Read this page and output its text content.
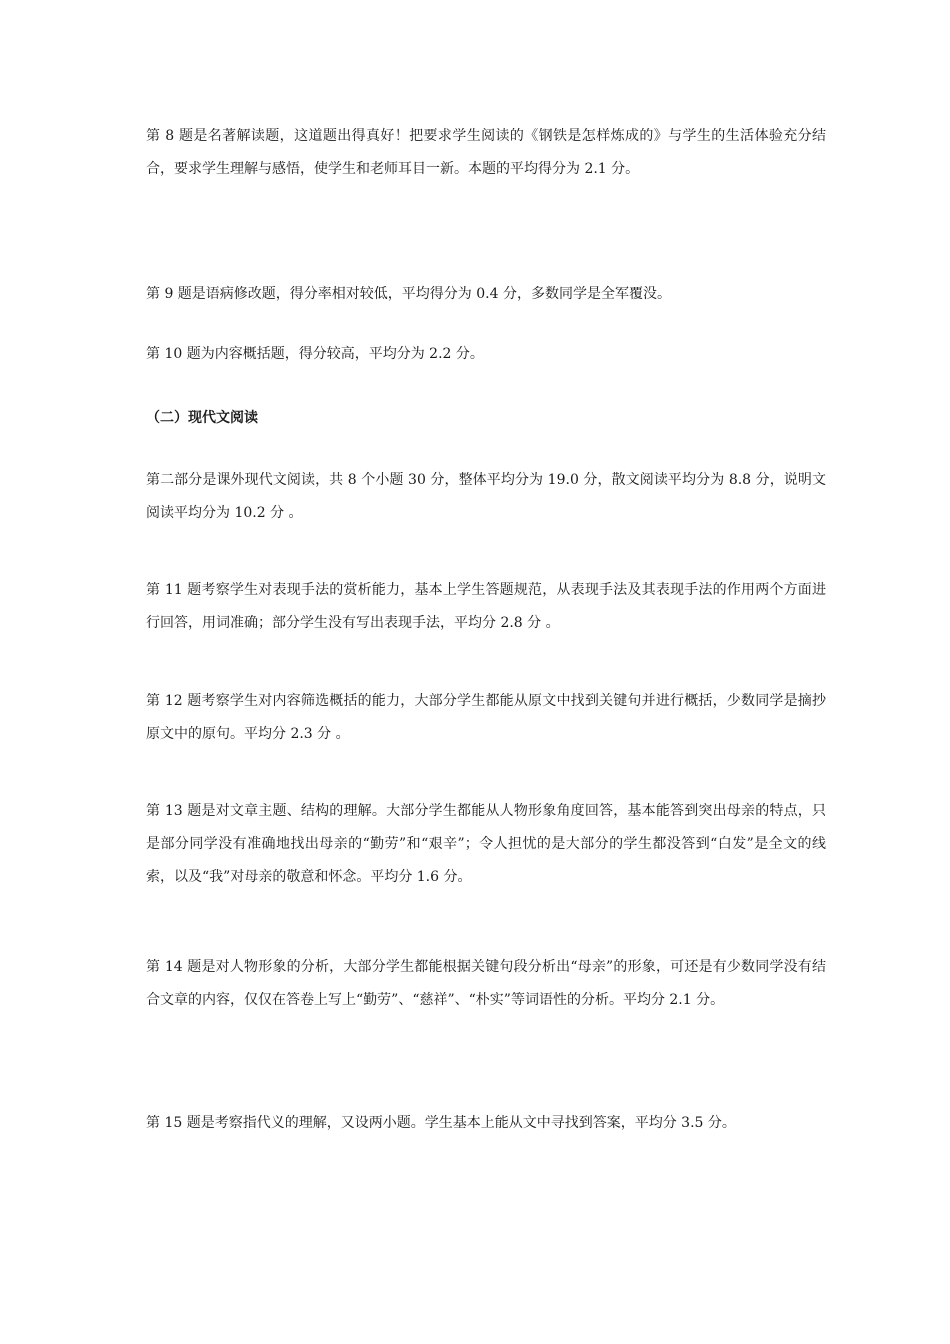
第 8 题是名著解读题，这道题出得真好！把要求学生阅读的《钢铁是怎样炼成的》与学生的生活体验充分结合，要求学生理解与感悟，使学生和老师耳目一新。本题的平均得分为 2.1 分。

第 9 题是语病修改题，得分率相对较低，平均得分为 0.4 分，多数同学是全军覆没。

第 10 题为内容概括题，得分较高，平均分为 2.2 分。

（二）现代文阅读

第二部分是课外现代文阅读，共 8 个小题 30 分，整体平均分为 19.0 分，散文阅读平均分为 8.8 分，说明文阅读平均分为 10.2 分 。

第 11 题考察学生对表现手法的赏析能力，基本上学生答题规范，从表现手法及其表现手法的作用两个方面进行回答，用词准确；部分学生没有写出表现手法，平均分 2.8 分 。

第 12 题考察学生对内容筛选概括的能力，大部分学生都能从原文中找到关键句并进行概括，少数同学是摘抄原文中的原句。平均分 2.3 分 。

第 13 题是对文章主题、结构的理解。大部分学生都能从人物形象角度回答，基本能答到突出母亲的特点，只是部分同学没有准确地找出母亲的“勤劳”和“艰辛”；令人担忧的是大部分的学生都没答到“白发”是全文的线索，以及“我”对母亲的敬意和怀念。平均分 1.6 分。

第 14 题是对人物形象的分析，大部分学生都能根据关键句段分析出“母亲”的形象，可还是有少数同学没有结合文章的内容，仅仅在答卷上写上“勤劳”、“慈祥”、“朴实”等词语性的分析。平均分 2.1 分。

第 15 题是考察指代义的理解，又设两小题。学生基本上能从文中寻找到答案，平均分 3.5 分。
